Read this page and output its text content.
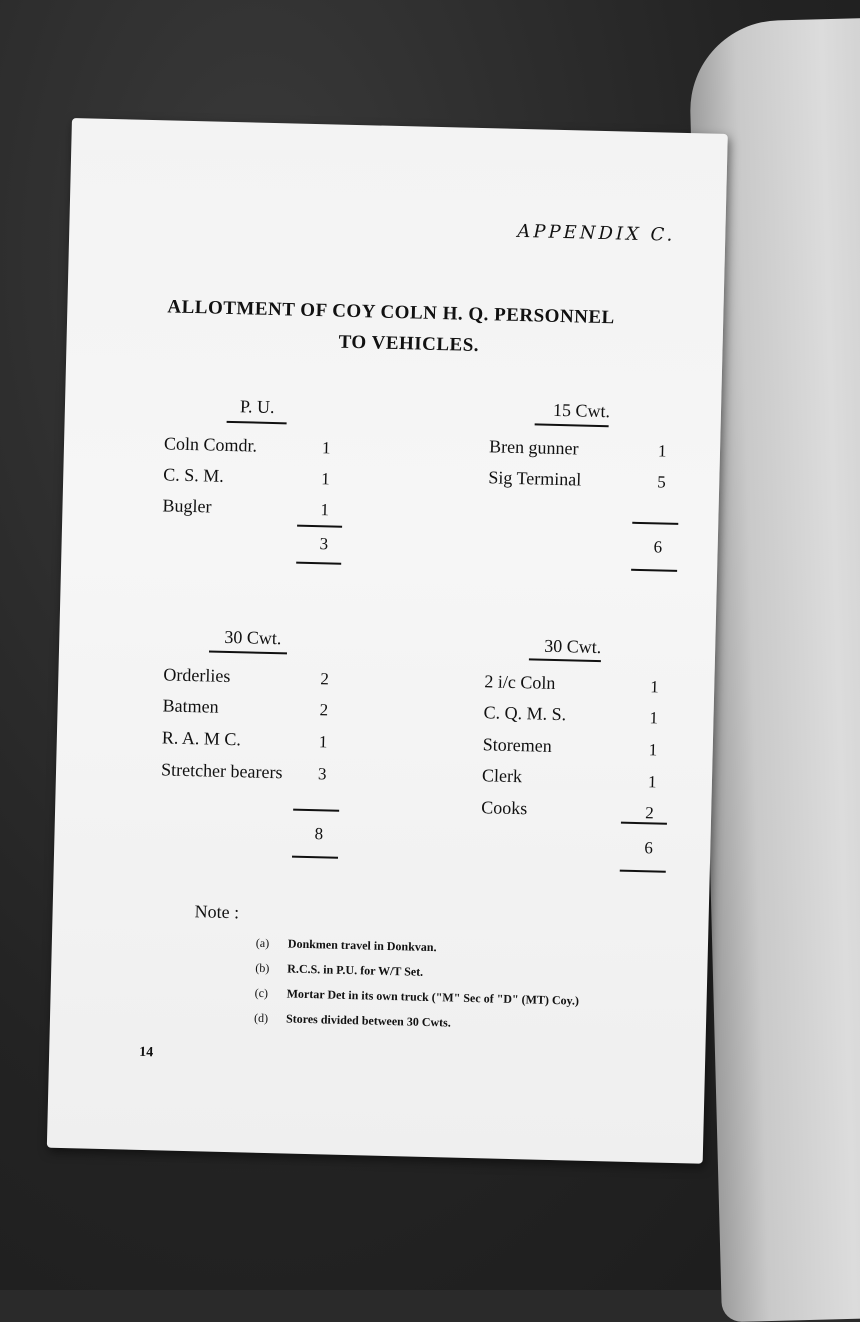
APPENDIX C.
ALLOTMENT OF COY COLN H. Q. PERSONNEL
TO VEHICLES.
P. U.
Coln Comdr.	1
C. S. M.	1
Bugler	1
3
15 Cwt.
Bren gunner	1
Sig Terminal	5
6
30 Cwt.
Orderlies	2
Batmen	2
R. A. M C.	1
Stretcher bearers 3
8
30 Cwt.
2 i/c Coln	1
C. Q. M. S.	1
Storemen	1
Clerk	1
Cooks	2
6
Note :
(a) Donkmen travel in Donkvan.
(b) R.C.S. in P.U. for W/T Set.
(c) Mortar Det in its own truck ("M" Sec of "D" (MT) Coy.)
(d) Stores divided between 30 Cwts.
14
